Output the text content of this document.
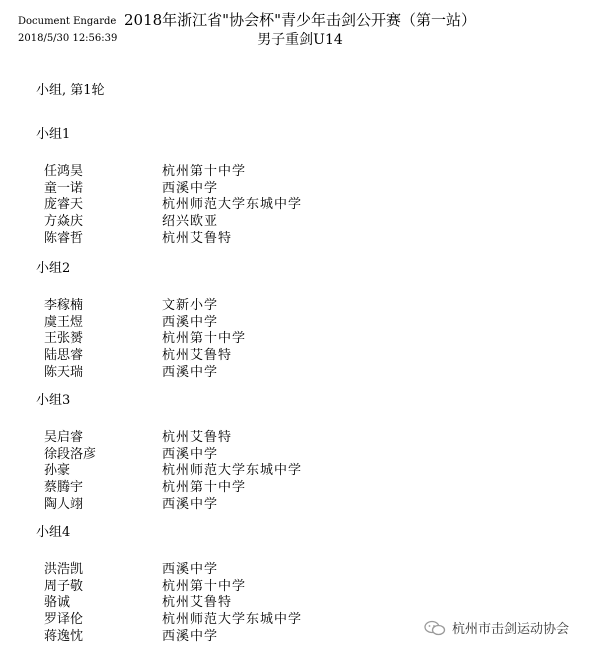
Document Engarde
2018/5/30 12:56:39
2018年浙江省"协会杯"青少年击剑公开赛（第一站）
男子重剑U14
小组, 第1轮
小组1
任鸿昊	杭州第十中学
童一诺	西溪中学
庞睿天	杭州师范大学东城中学
方焱庆	绍兴欧亚
陈睿哲	杭州艾鲁特
小组2
李稼楠	文新小学
虞王煜	西溪中学
王张赟	杭州第十中学
陆思睿	杭州艾鲁特
陈天瑞	西溪中学
小组3
吴启睿	杭州艾鲁特
徐段洛彦	西溪中学
孙豪	杭州师范大学东城中学
蔡腾宇	杭州第十中学
陶人翊	西溪中学
小组4
洪浩凯	西溪中学
周子敬	杭州第十中学
骆诚	杭州艾鲁特
罗译伦	杭州师范大学东城中学
蒋逸忱	西溪中学	杭州市击剑运动协会
